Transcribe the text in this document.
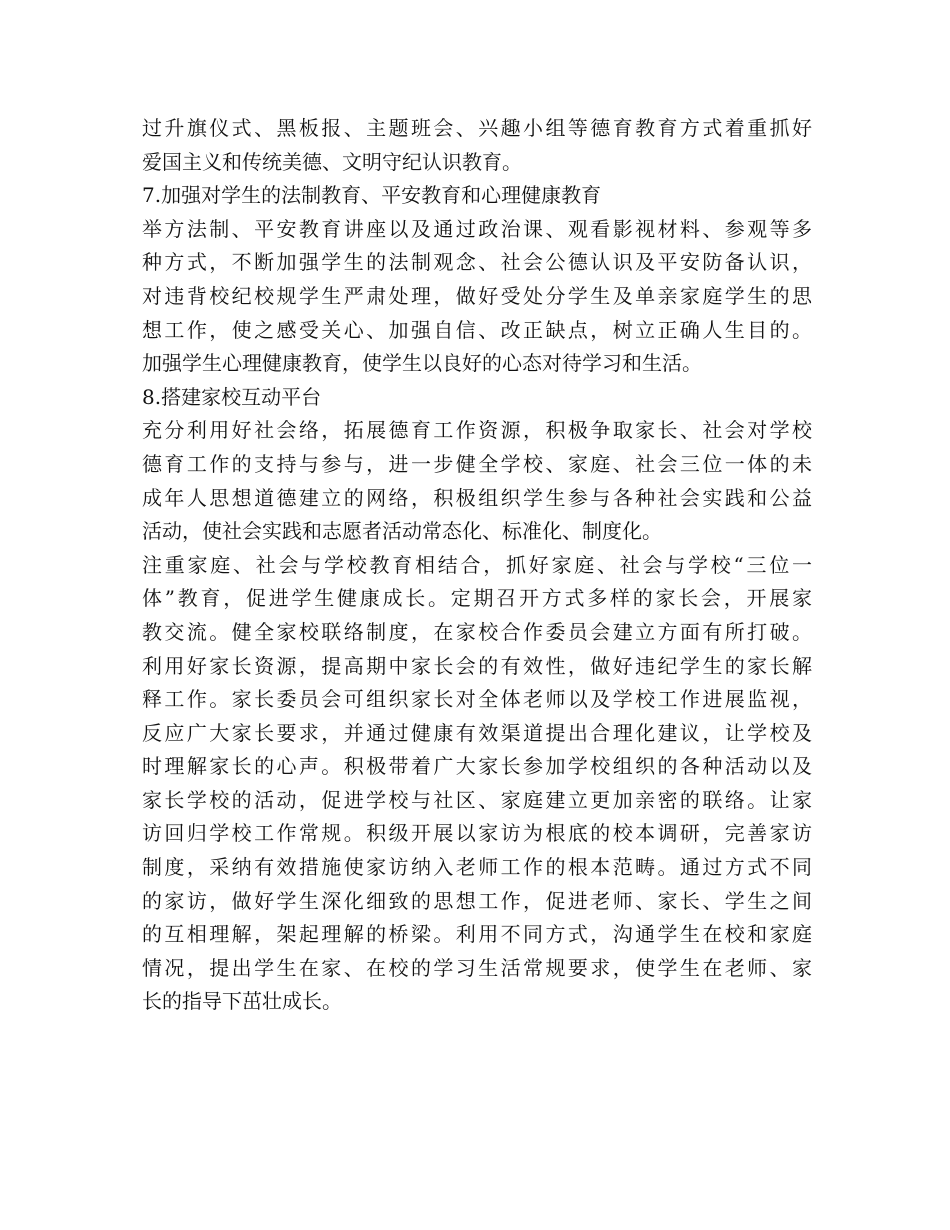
过升旗仪式、黑板报、主题班会、兴趣小组等德育教育方式着重抓好
爱国主义和传统美德、文明守纪认识教育。
7.加强对学生的法制教育、平安教育和心理健康教育
举方法制、平安教育讲座以及通过政治课、观看影视材料、参观等多
种方式，不断加强学生的法制观念、社会公德认识及平安防备认识，
对违背校纪校规学生严肃处理，做好受处分学生及单亲家庭学生的思
想工作，使之感受关心、加强自信、改正缺点，树立正确人生目的。
加强学生心理健康教育，使学生以良好的心态对待学习和生活。
8.搭建家校互动平台
充分利用好社会络，拓展德育工作资源，积极争取家长、社会对学校
德育工作的支持与参与，进一步健全学校、家庭、社会三位一体的未
成年人思想道德建立的网络，积极组织学生参与各种社会实践和公益
活动，使社会实践和志愿者活动常态化、标准化、制度化。
注重家庭、社会与学校教育相结合，抓好家庭、社会与学校“三位一
体”教育，促进学生健康成长。定期召开方式多样的家长会，开展家
教交流。健全家校联络制度，在家校合作委员会建立方面有所打破。
利用好家长资源，提高期中家长会的有效性，做好违纪学生的家长解
释工作。家长委员会可组织家长对全体老师以及学校工作进展监视，
反应广大家长要求，并通过健康有效渠道提出合理化建议，让学校及
时理解家长的心声。积极带着广大家长参加学校组织的各种活动以及
家长学校的活动，促进学校与社区、家庭建立更加亲密的联络。让家
访回归学校工作常规。积级开展以家访为根底的校本调研，完善家访
制度，采纳有效措施使家访纳入老师工作的根本范畴。通过方式不同
的家访，做好学生深化细致的思想工作，促进老师、家长、学生之间
的互相理解，架起理解的桥梁。利用不同方式，沟通学生在校和家庭
情况，提出学生在家、在校的学习生活常规要求，使学生在老师、家
长的指导下茁壮成长。
